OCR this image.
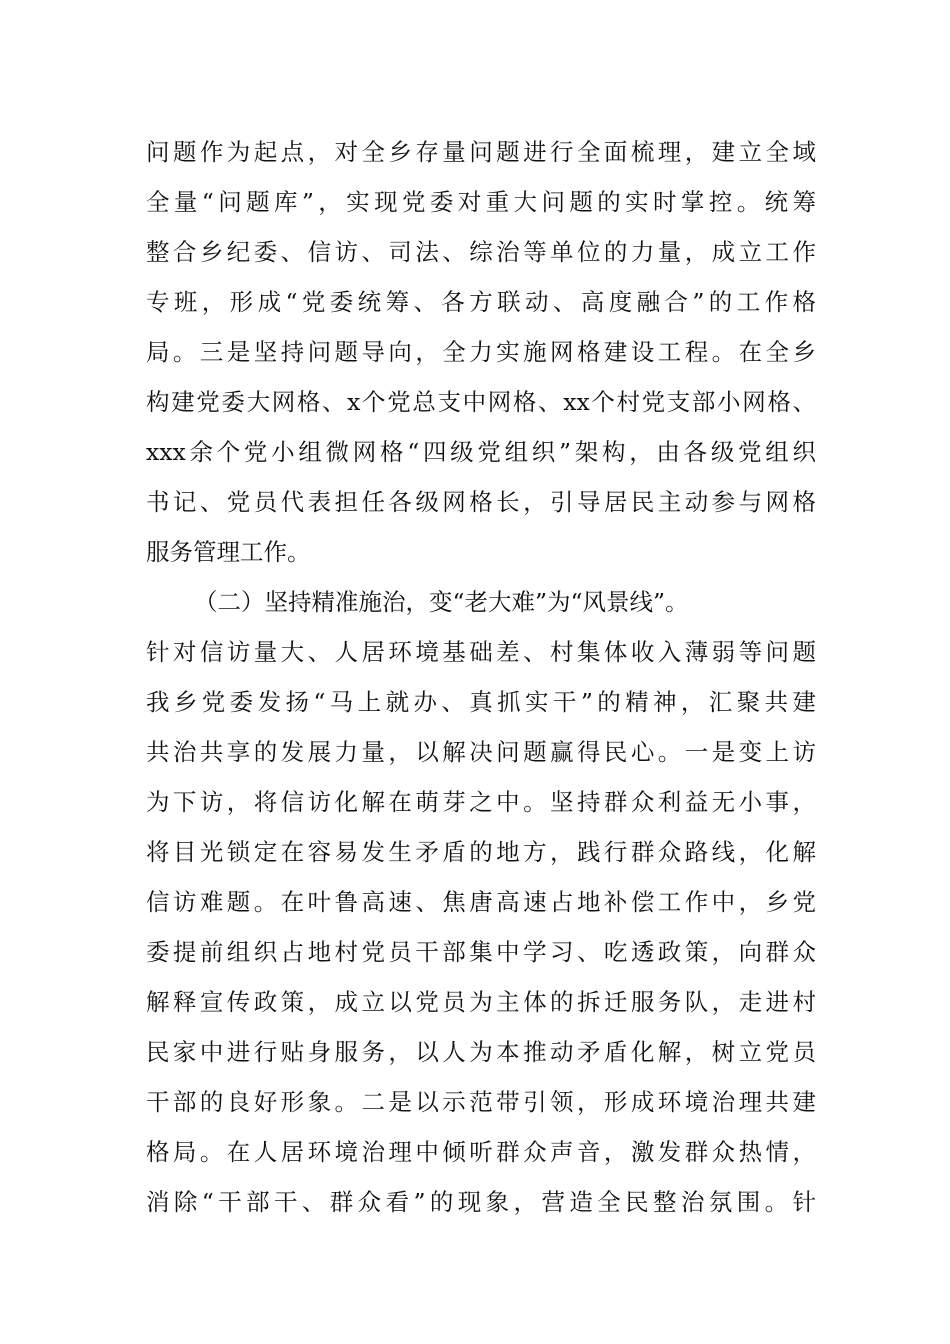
问题作为起点，对全乡存量问题进行全面梳理，建立全域
全量“问题库”，实现党委对重大问题的实时掌控。统筹
整合乡纪委、信访、司法、综治等单位的力量，成立工作
专班，形成“党委统筹、各方联动、高度融合”的工作格
局。三是坚持问题导向，全力实施网格建设工程。在全乡
构建党委大网格、x个党总支中网格、xx个村党支部小网格、
xxx余个党小组微网格“四级党组织”架构，由各级党组织
书记、党员代表担任各级网格长，引导居民主动参与网格
服务管理工作。
（二）坚持精准施治，变“老大难”为“风景线”。
针对信访量大、人居环境基础差、村集体收入薄弱等问题
我乡党委发扬“马上就办、真抓实干”的精神，汇聚共建
共治共享的发展力量，以解决问题赢得民心。一是变上访
为下访，将信访化解在萌芽之中。坚持群众利益无小事，
将目光锁定在容易发生矛盾的地方，践行群众路线，化解
信访难题。在叶鲁高速、焦唐高速占地补偿工作中，乡党
委提前组织占地村党员干部集中学习、吃透政策，向群众
解释宣传政策，成立以党员为主体的拆迁服务队，走进村
民家中进行贴身服务，以人为本推动矛盾化解，树立党员
干部的良好形象。二是以示范带引领，形成环境治理共建
格局。在人居环境治理中倾听群众声音，激发群众热情，
消除“干部干、群众看”的现象，营造全民整治氛围。针
